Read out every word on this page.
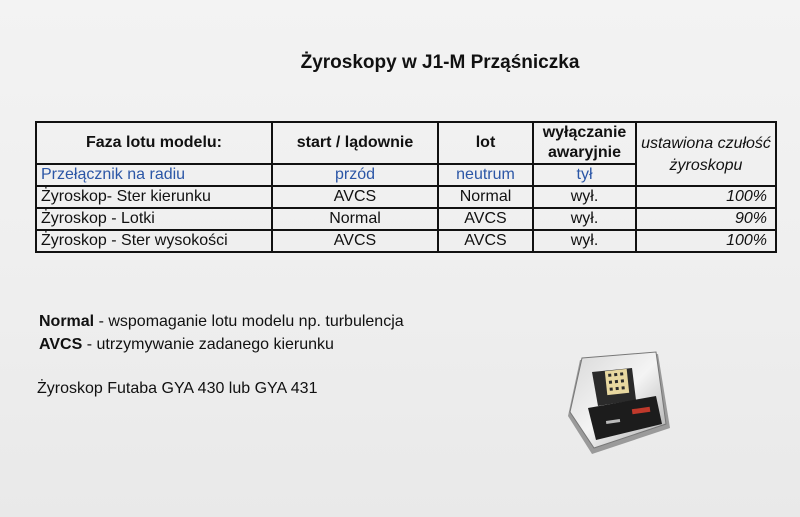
Żyroskopy w J1-M Prząśniczka
Faza lotu modelu:	start / lądownie	lot	wyłączanie awaryjnie	ustawiona czułość żyroskopu
Przełącznik na radiu	przód	neutrum	tył	
Żyroskop- Ster kierunku	AVCS	Normal	wył.	100%
Żyroskop - Lotki	Normal	AVCS	wył.	90%
Żyroskop - Ster wysokości	AVCS	AVCS	wył.	100%
Normal - wspomaganie lotu modelu np. turbulencja
AVCS - utrzymywanie zadanego kierunku
Żyroskop Futaba GYA 430 lub GYA 431
